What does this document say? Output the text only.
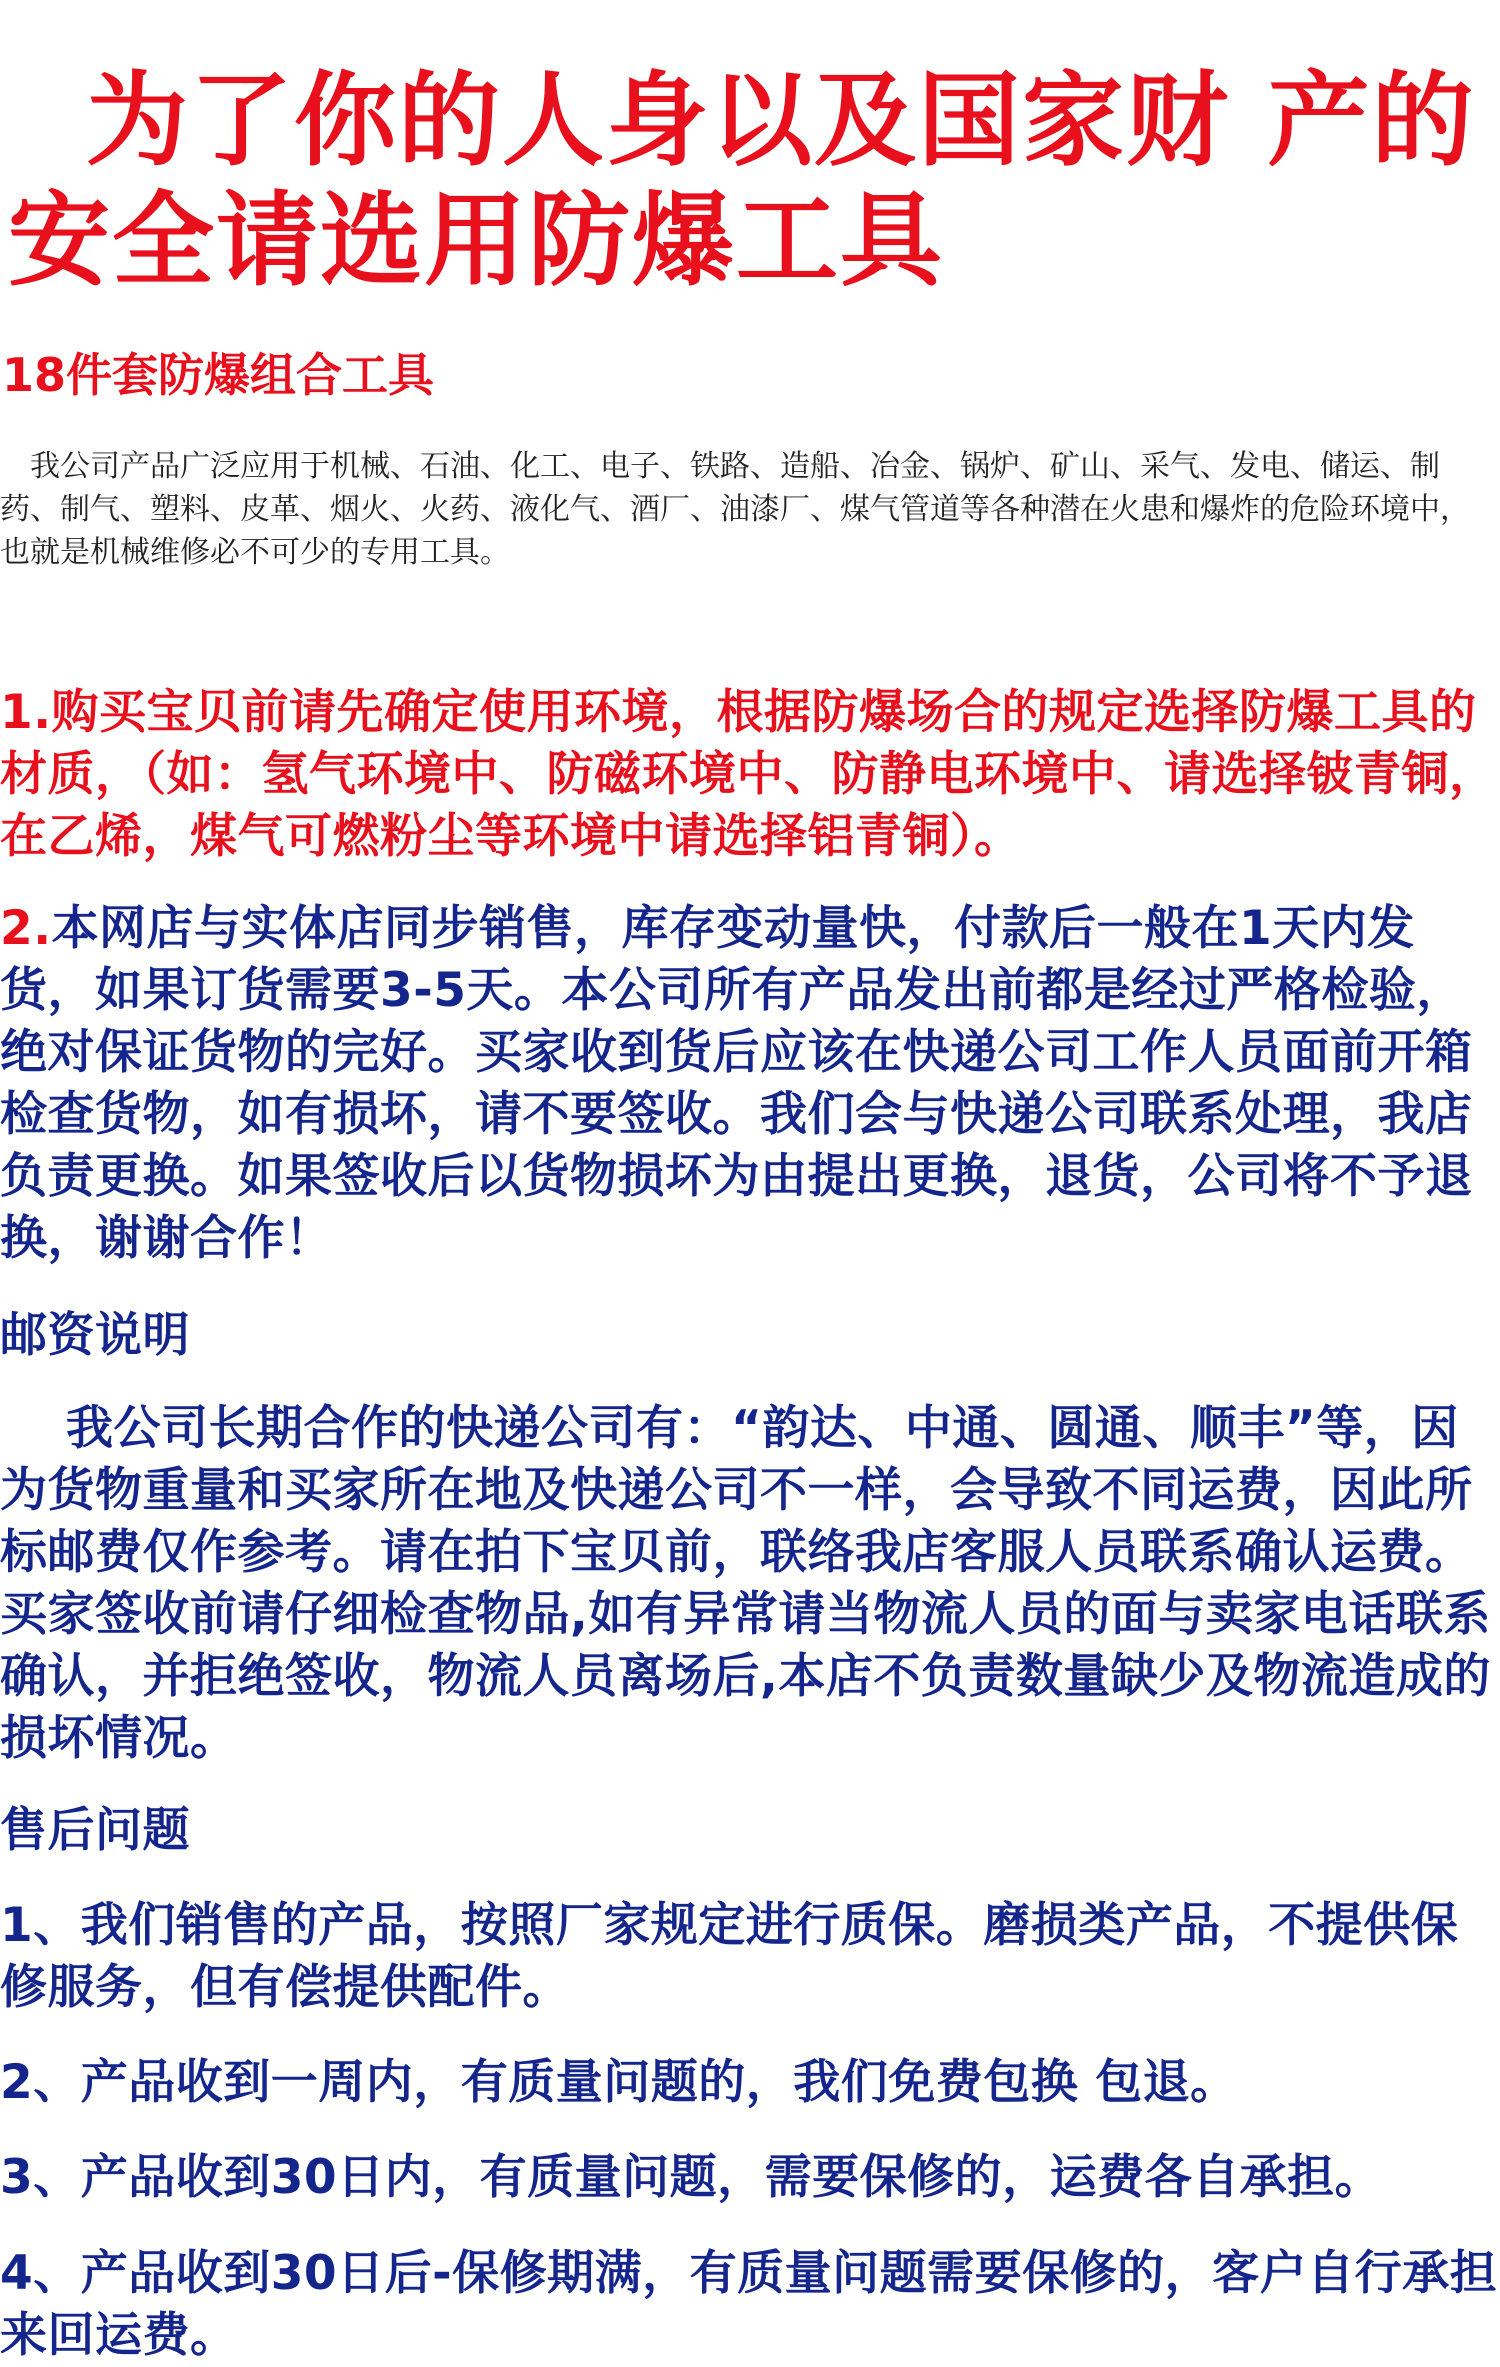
为了你的人身以及国家财 产的
安全请选用防爆工具
18件套防爆组合工具

我公司产品广泛应用于机械、石油、化工、电子、铁路、造船、冶金、锅炉、矿山、采气、发电、储运、制药、制气、塑料、皮革、烟火、火药、液化气、酒厂、油漆厂、煤气管道等各种潜在火患和爆炸的危险环境中，也就是机械维修必不可少的专用工具。

1.购买宝贝前请先确定使用环境，根据防爆场合的规定选择防爆工具的材质，（如：氢气环境中、防磁环境中、防静电环境中、请选择铍青铜，在乙烯，煤气可燃粉尘等环境中请选择铝青铜）。

2.本网店与实体店同步销售，库存变动量快，付款后一般在1天内发货，如果订货需要3-5天。本公司所有产品发出前都是经过严格检验，绝对保证货物的完好。买家收到货后应该在快递公司工作人员面前开箱检查货物，如有损坏，请不要签收。我们会与快递公司联系处理，我店负责更换。如果签收后以货物损坏为由提出更换，退货，公司将不予退换，谢谢合作！

邮资说明

我公司长期合作的快递公司有：“韵达、中通、圆通、顺丰”等，因为货物重量和买家所在地及快递公司不一样，会导致不同运费，因此所标邮费仅作参考。请在拍下宝贝前，联络我店客服人员联系确认运费。买家签收前请仔细检查物品,如有异常请当物流人员的面与卖家电话联系确认，并拒绝签收，物流人员离场后,本店不负责数量缺少及物流造成的损坏情况。

售后问题

1、我们销售的产品，按照厂家规定进行质保。磨损类产品，不提供保修服务，但有偿提供配件。

2、产品收到一周内，有质量问题的，我们免费包换 包退。

3、产品收到30日内，有质量问题，需要保修的，运费各自承担。

4、产品收到30日后-保修期满，有质量问题需要保修的，客户自行承担来回运费。
